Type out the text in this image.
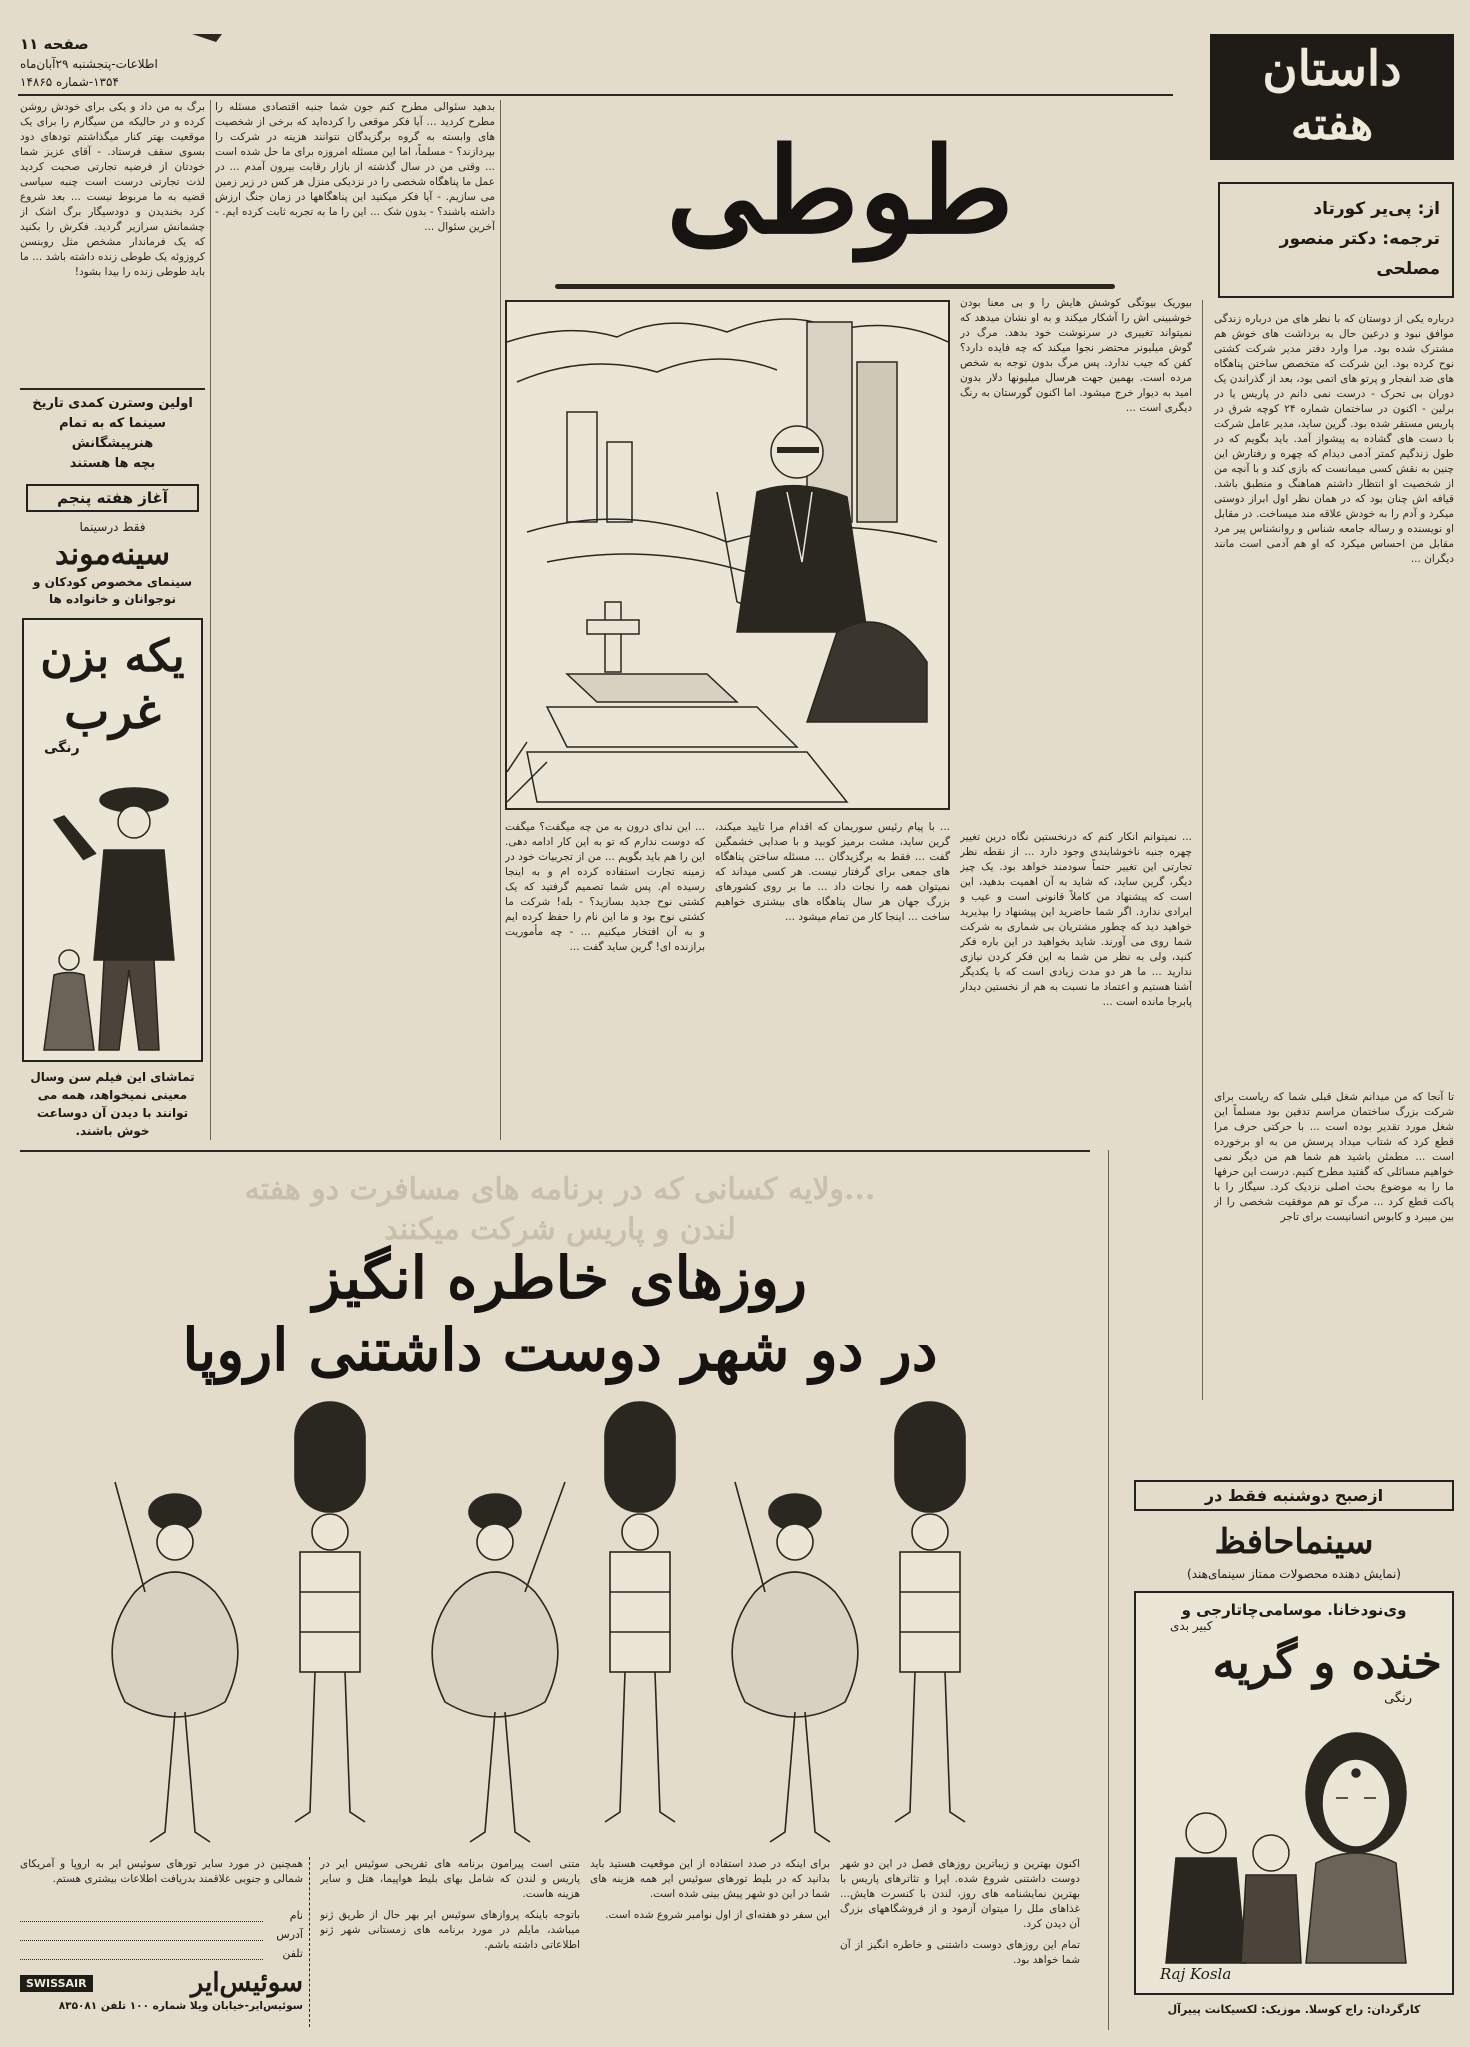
صفحه ۱۱
اطلاعات-پنجشنبه ۲۹آبان‌ماه
۱۳۵۴-شماره ۱۴۸۶۵	داستان
هفته
از: پی‌یر کورتاد
ترجمه: دکتر منصور مصلحی
طوطی

درباره یکی از دوستان که با نظر های من درباره زندگی موافق نبود و درعین حال به برداشت های خوش هم مشترک شده بود. مرا وارد دفتر مدیر شرکت کشتی نوح کرده بود. این شرکت که متخصص ساختن پناهگاه های ضد انفجار و پرتو های اتمی بود، بعد از گذراندن یک دوران بی تحرک - درست نمی دانم در پاریس یا در برلین - اکنون در ساختمان شماره ۲۴ کوچه شرق در پاریس مستقر شده بود. گرین ساید، مدیر عامل شرکت با دست های گشاده به پیشواز آمد. باید بگویم که در طول زندگیم کمتر آدمی دیدام که چهره و رفتارش این چنین به نقش کسی میمانست که بازی کند و با آنچه من از شخصیت او انتظار داشتم هماهنگ و منطبق باشد. قیافه اش چنان بود که در همان نظر اول ابراز دوستی میکرد و آدم را به خودش علاقه مند میساخت. در مقابل او نویسنده و رساله جامعه شناس و روانشناس پیر مرد مقابل من احساس میکرد که او هم آدمی است مانند دیگران ...

بیوریک بیوتگی کوشش هایش را و بی معنا بودن خوشبینی اش را آشکار میکند و به او نشان میدهد که نمیتواند تغییری در سرنوشت خود بدهد. مرگ در گوش میلیونر محتضر نجوا میکند که چه فایده دارد؟ کفن که جیب ندارد. پس مرگ بدون توجه به شخص مرده است. بهمین جهت هرسال میلیونها دلار بدون امید به دیوار خرج میشود. اما اکنون گورستان به رنگ دیگری است ...

... نمیتوانم انکار کنم که درنخستین نگاه درین تغییر چهره جنبه ناخوشایندی وجود دارد ... از نقطه نظر تجارتی این تغییر حتماً سودمند خواهد بود. یک چیز دیگر، گرین ساید، که شاید به آن اهمیت بدهید، این است که پیشنهاد من کاملاً قانونی است و عیب و ایرادی ندارد. اگر شما حاضرید این پیشنهاد را بپذیرید خواهید دید که چطور مشتریان بی شماری به شرکت شما روی می آورند. شاید بخواهید در این باره فکر کنید، ولی به نظر من شما به این فکر کردن نیازی ندارید ... ما هر دو مدت زیادی است که با یکدیگر آشنا هستیم و اعتماد ما نسبت به هم از نخستین دیدار پابرجا مانده است ...

بدهید سئوالی مطرح کنم جون شما جنبه اقتصادی مسئله را مطرح کردید ... آیا فکر موقعی را کرده‌اید که برخی از شخصیت های وابسته به گروه برگزیدگان نتوانند هزینه در شرکت را بپردازند؟ - مسلماً، اما این مسئله امروزه برای ما حل شده است ... وقتی من در سال گذشته از بازار رقابت بیرون آمدم ... در عمل ما پناهگاه شخصی را در نزدیکی منزل هر کس در زیر زمین می سازیم. - آیا فکر میکنید این پناهگاهها در زمان جنگ ارزش داشته باشند؟ - بدون شک ... این را ما به تجربه ثابت کرده ایم. - آخرین سئوال ...

برگ به من داد و یکی برای خودش روشن کرده و در حالیکه من سیگارم را برای یک موقعیت بهتر کنار میگذاشتم تودهای دود بسوی سقف فرستاد. - آقای عزیز شما خودتان از فرضیه تجارتی صحبت کردید لذت تجارتی درست است چنبه سیاسی قضیه به ما مربوط نیست ... بعد شروع کرد بخندیدن و دودسیگار برگ اشک از چشمانش سرازیر گردید. فکرش را بکنید که یک فرماندار مشخص مثل روبنسن کروزوئه یک طوطی زنده داشته باشد ... ما باید طوطی زنده را بیدا بشود!

... با پیام رئیس سوریمان که اقدام مرا تایید میکند، گرین ساید، مشت برمیز کوبید و با صدایی خشمگین گفت ... فقط به برگزیدگان ... مسئله ساختن پناهگاه های جمعی برای گرفتار نیست. هر کسی میداند که نمیتوان همه را نجات داد ... ما بر روی کشورهای بزرگ جهان هر سال پناهگاه های بیشتری خواهیم ساخت ... اینجا کار من تمام میشود ...

... این ندای درون به من چه میگفت؟ میگفت که دوست ندارم که تو به این کار ادامه دهی. این را هم باید بگویم ... من از تجربیات خود در زمینه تجارت استفاده کرده ام و به اینجا رسیده ام. پس شما تصمیم گرفتید که یک کشتی نوح جدید بسازید؟ - بله! شرکت ما کشتی نوح بود و ما این نام را حفظ کرده ایم و به آن افتخار میکنیم ... - چه مأموریت برازنده ای! گرین ساید گفت ...

تا آنجا که من میدانم شغل قبلی شما که ریاست برای شرکت بزرگ ساختمان مراسم تدفین بود مسلماً این شغل مورد تقدیر بوده است ... با حرکتی حرف مرا قطع کرد که شتاب میداد پرسش من به او برخورده است ... مطمئن باشید هم شما هم من دیگر نمی خواهیم مسائلی که گفتید مطرح کنیم. درست این حرفها ما را به موضوع بحث اصلی نزدیک کرد. سیگار را با پاکت قطع کرد ... مرگ تو هم موفقیت شخصی را از بین میبرد و کابوس انسانیست برای تاجر

اولین وسترن کمدی تاریخ
سینما که به تمام هنرپیشگانش
بچه ها هستند
آغاز هفته پنجم
فقط درسینما
سینه‌موند
سینمای مخصوص کودکان و
نوجوانان و خانواده ها
یکه بزن
غرب
رنگی
تماشای این فیلم سن وسال
معینی نمیخواهد، همه می
توانند با دیدن آن دوساعت
خوش باشند.
...ولایه کسانی که در برنامه های مسافرت دو هفته
لندن و پاریس شرکت میکنند
روزهای خاطره انگیز
در دو شهر دوست داشتنی اروپا

اکنون بهترین و زیباترین روزهای فصل در این دو شهر دوست داشتنی شروع شده. اپرا و تئاترهای پاریس با بهترین نمایشنامه های روز، لندن با کنسرت هایش... غذاهای ملل را میتوان آزمود و از فروشگاههای بزرگ آن دیدن کرد.

تمام این روزهای دوست داشتنی و خاطره انگیز از آن شما خواهد بود.

برای اینکه در صدد استفاده از این موقعیت هستید باید بدانید که در بلیط تورهای سوئیس ایر همه هزینه های شما در این دو شهر پیش بینی شده است.

این سفر دو هفته‌ای از اول نوامبر شروع شده است.

متنی است پیرامون برنامه های تفریحی سوئیس ایر در پاریس و لندن که شامل بهای بلیط هواپیما، هتل و سایر هزینه هاست.

باتوجه باینکه پروازهای سوئیس ایر بهر حال از طریق ژنو میباشد، مایلم در مورد برنامه های زمستانی شهر ژنو اطلاعاتی داشته باشم.

همچنین در مورد سایر تورهای سوئیس ایر به اروپا و آمریکای شمالی و جنوبی علاقمند بدریافت اطلاعات بیشتری هستم.
نام
آدرس
تلفن
سوئیس‌ایر
SWISSAIR
سوئیس‌ایر-خیابان ویلا شماره ۱۰۰ تلفن ۸۳۵۰۸۱
ازصبح دوشنبه فقط در
سینماحافظ
(نمایش دهنده محصولات ممتاز سینمای‌هند)
وی‌نودخانا. موسامی‌چاتارجی و
کبیر بدی
خنده و گریه
رنگی
Raj Kosla
کارگردان: راج کوسلا. موزیک: لکسیکانت پییرآل
